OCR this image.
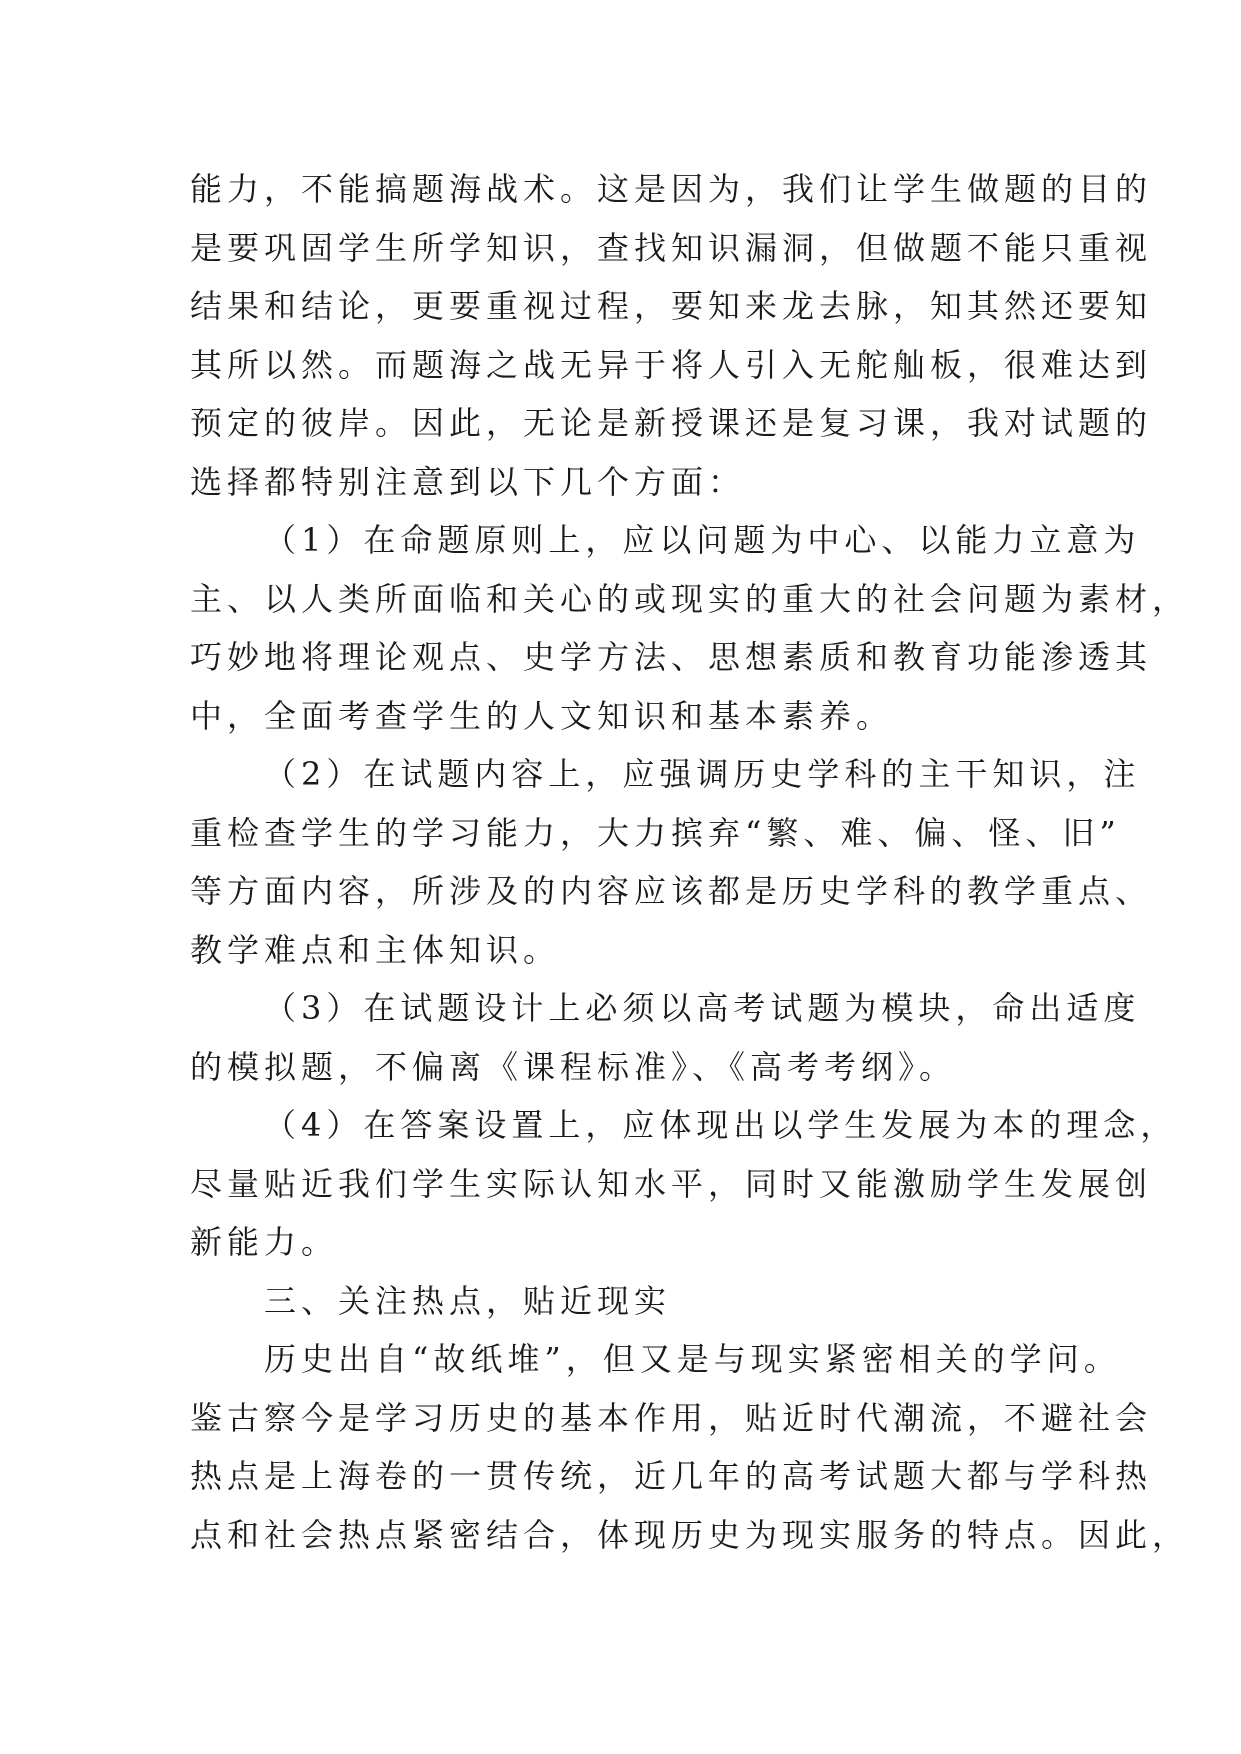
能力，不能搞题海战术。这是因为，我们让学生做题的目的
是要巩固学生所学知识，查找知识漏洞，但做题不能只重视
结果和结论，更要重视过程，要知来龙去脉，知其然还要知
其所以然。而题海之战无异于将人引入无舵舢板，很难达到
预定的彼岸。因此，无论是新授课还是复习课，我对试题的
选择都特别注意到以下几个方面：
（1）在命题原则上，应以问题为中心、以能力立意为
主、以人类所面临和关心的或现实的重大的社会问题为素材，
巧妙地将理论观点、史学方法、思想素质和教育功能渗透其
中，全面考查学生的人文知识和基本素养。
（2）在试题内容上，应强调历史学科的主干知识，注
重检查学生的学习能力，大力摈弃“繁、难、偏、怪、旧”
等方面内容，所涉及的内容应该都是历史学科的教学重点、
教学难点和主体知识。
（3）在试题设计上必须以高考试题为模块，命出适度
的模拟题，不偏离《课程标准》、《高考考纲》。
（4）在答案设置上，应体现出以学生发展为本的理念，
尽量贴近我们学生实际认知水平，同时又能激励学生发展创
新能力。
三、关注热点，贴近现实
历史出自“故纸堆”，但又是与现实紧密相关的学问。
鉴古察今是学习历史的基本作用，贴近时代潮流，不避社会
热点是上海卷的一贯传统，近几年的高考试题大都与学科热
点和社会热点紧密结合，体现历史为现实服务的特点。因此，
